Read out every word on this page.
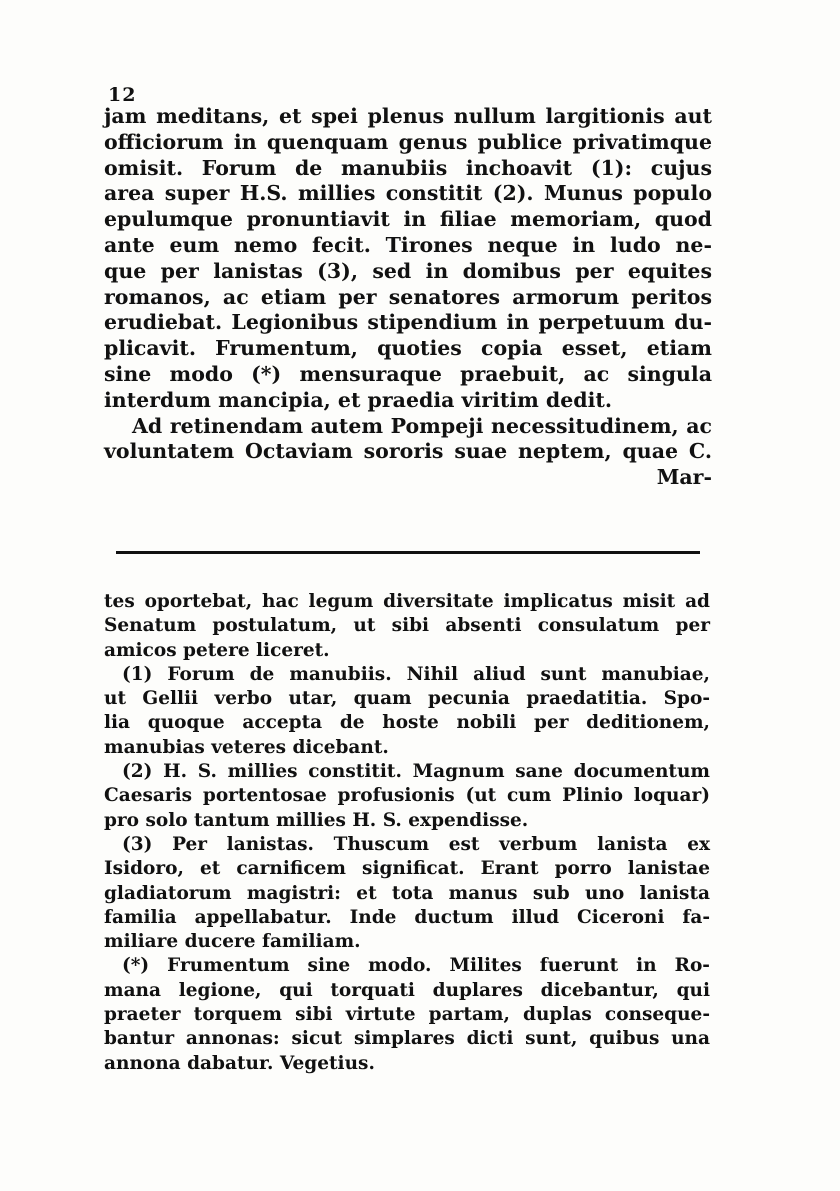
12
jam meditans, et spei plenus nullum largitionis aut
officiorum in quenquam genus publice privatimque
omisit. Forum de manubiis inchoavit (1): cujus
area super H.S. millies constitit (2). Munus populo
epulumque pronuntiavit in filiae memoriam, quod
ante eum nemo fecit. Tirones neque in ludo ne-
que per lanistas (3), sed in domibus per equites
romanos, ac etiam per senatores armorum peritos
erudiebat. Legionibus stipendium in perpetuum du-
plicavit. Frumentum, quoties copia esset, etiam
sine modo (*) mensuraque praebuit, ac singula
interdum mancipia, et praedia viritim dedit.
Ad retinendam autem Pompeji necessitudinem, ac
voluntatem Octaviam sororis suae neptem, quae C.
Mar-
tes oportebat, hac legum diversitate implicatus misit ad
Senatum postulatum, ut sibi absenti consulatum per
amicos petere liceret.
(1) Forum de manubiis. Nihil aliud sunt manubiae,
ut Gellii verbo utar, quam pecunia praedatitia. Spo-
lia quoque accepta de hoste nobili per deditionem,
manubias veteres dicebant.
(2) H. S. millies constitit. Magnum sane documentum
Caesaris portentosae profusionis (ut cum Plinio loquar)
pro solo tantum millies H. S. expendisse.
(3) Per lanistas. Thuscum est verbum lanista ex
Isidoro, et carnificem significat. Erant porro lanistae
gladiatorum magistri: et tota manus sub uno lanista
familia appellabatur. Inde ductum illud Ciceroni fa-
miliare ducere familiam.
(*) Frumentum sine modo. Milites fuerunt in Ro-
mana legione, qui torquati duplares dicebantur, qui
praeter torquem sibi virtute partam, duplas conseque-
bantur annonas: sicut simplares dicti sunt, quibus una
annona dabatur. Vegetius.
